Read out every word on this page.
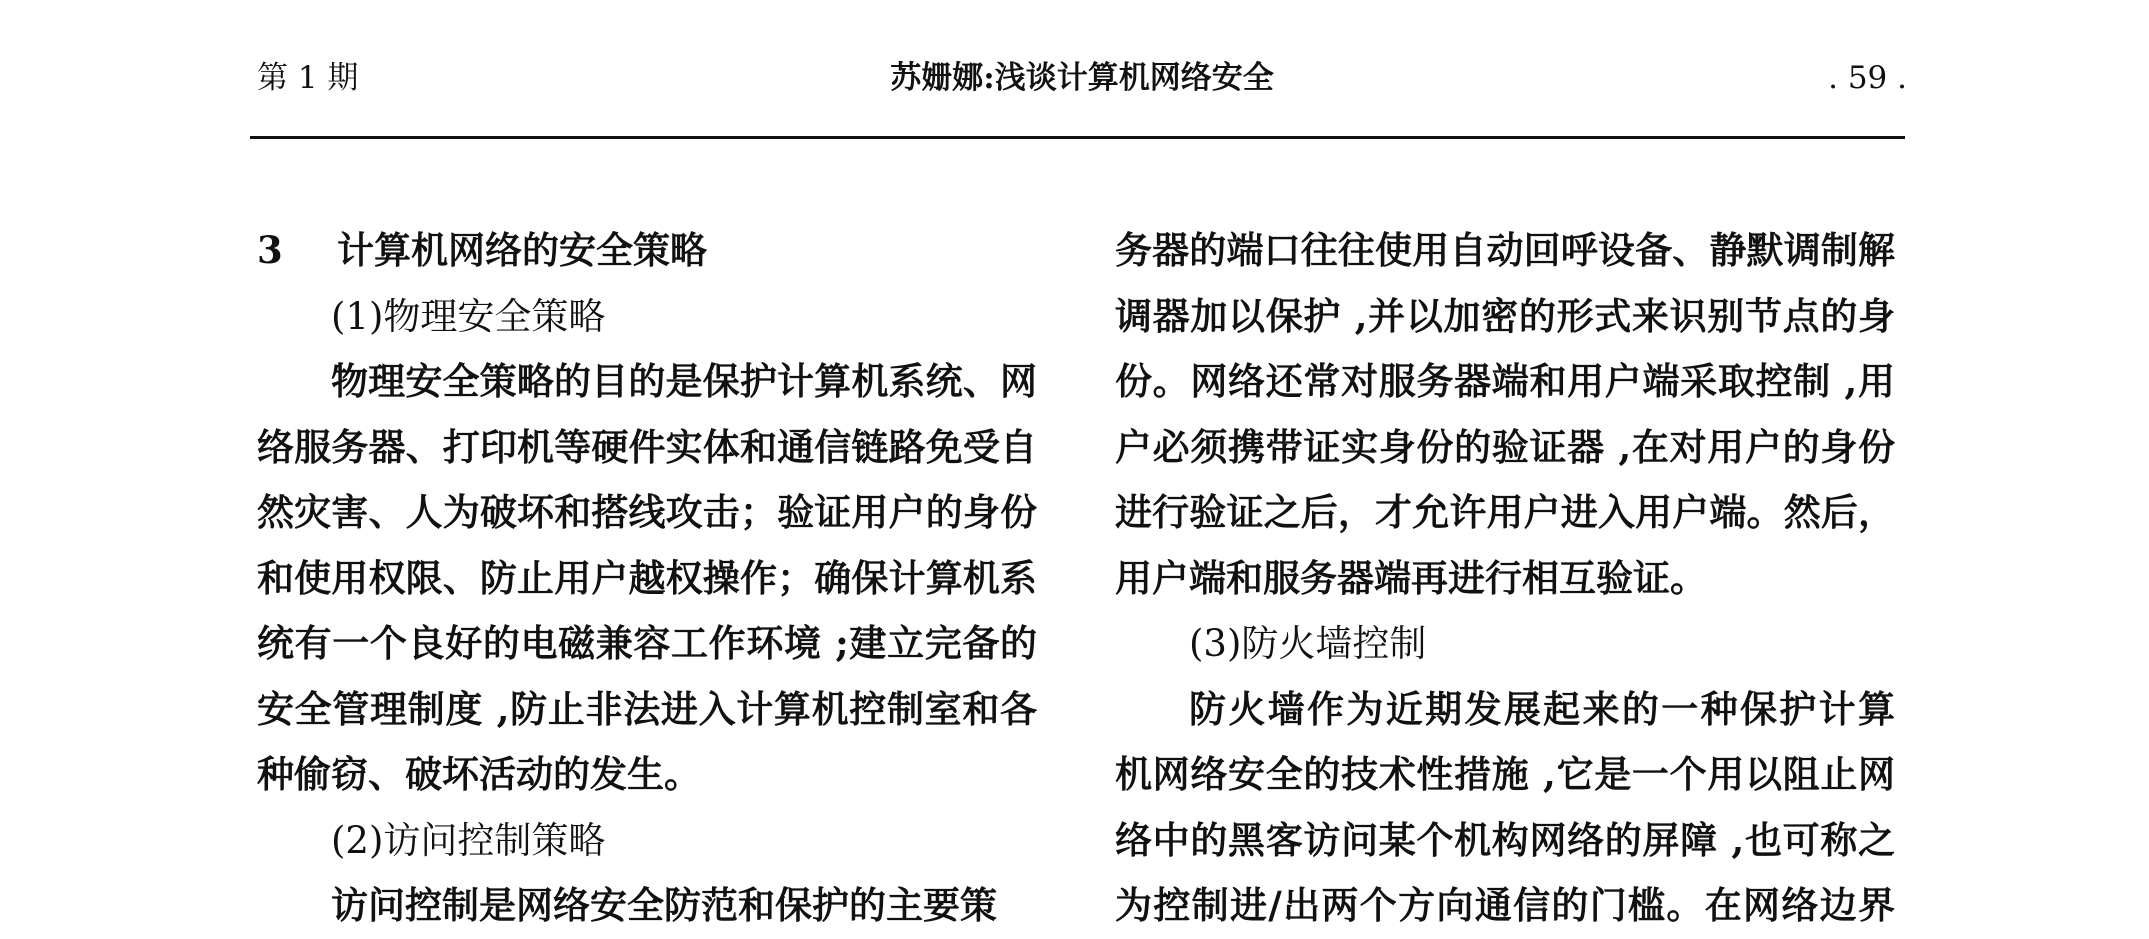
第 1 期	苏姗娜:浅谈计算机网络安全	. 59 .
3 计算机网络的安全策略
(1)物理安全策略
物理安全策略的目的是保护计算机系统、网
络服务器、打印机等硬件实体和通信链路免受自
然灾害、人为破坏和搭线攻击；验证用户的身份
和使用权限、防止用户越权操作；确保计算机系
统有一个良好的电磁兼容工作环境 ;建立完备的
安全管理制度 ,防止非法进入计算机控制室和各
种偷窃、破坏活动的发生。
(2)访问控制策略
访问控制是网络安全防范和保护的主要策
务器的端口往往使用自动回呼设备、静默调制解
调器加以保护 ,并以加密的形式来识别节点的身
份。网络还常对服务器端和用户端采取控制 ,用
户必须携带证实身份的验证器 ,在对用户的身份
进行验证之后，才允许用户进入用户端。然后，
用户端和服务器端再进行相互验证。
(3)防火墙控制
防火墙作为近期发展起来的一种保护计算
机网络安全的技术性措施 ,它是一个用以阻止网
络中的黑客访问某个机构网络的屏障 ,也可称之
为控制进/出两个方向通信的门槛。在网络边界
